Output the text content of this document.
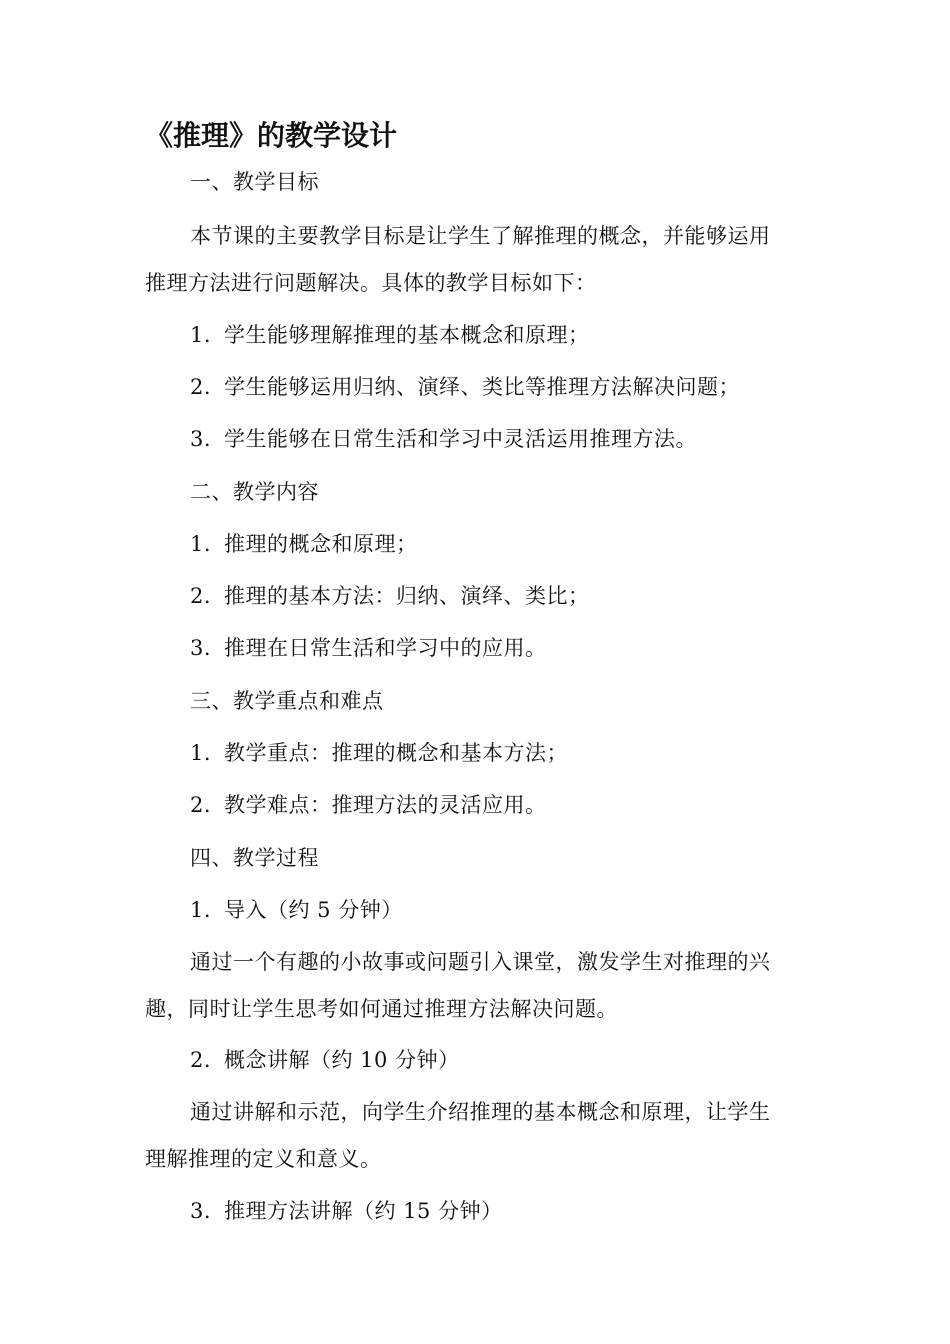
《推理》的教学设计
一、教学目标
本节课的主要教学目标是让学生了解推理的概念，并能够运用
推理方法进行问题解决。具体的教学目标如下：
1. 学生能够理解推理的基本概念和原理；
2. 学生能够运用归纳、演绎、类比等推理方法解决问题；
3. 学生能够在日常生活和学习中灵活运用推理方法。
二、教学内容
1. 推理的概念和原理；
2. 推理的基本方法：归纳、演绎、类比；
3. 推理在日常生活和学习中的应用。
三、教学重点和难点
1. 教学重点：推理的概念和基本方法；
2. 教学难点：推理方法的灵活应用。
四、教学过程
1. 导入（约 5 分钟）
通过一个有趣的小故事或问题引入课堂，激发学生对推理的兴
趣，同时让学生思考如何通过推理方法解决问题。
2. 概念讲解（约 10 分钟）
通过讲解和示范，向学生介绍推理的基本概念和原理，让学生
理解推理的定义和意义。
3. 推理方法讲解（约 15 分钟）
